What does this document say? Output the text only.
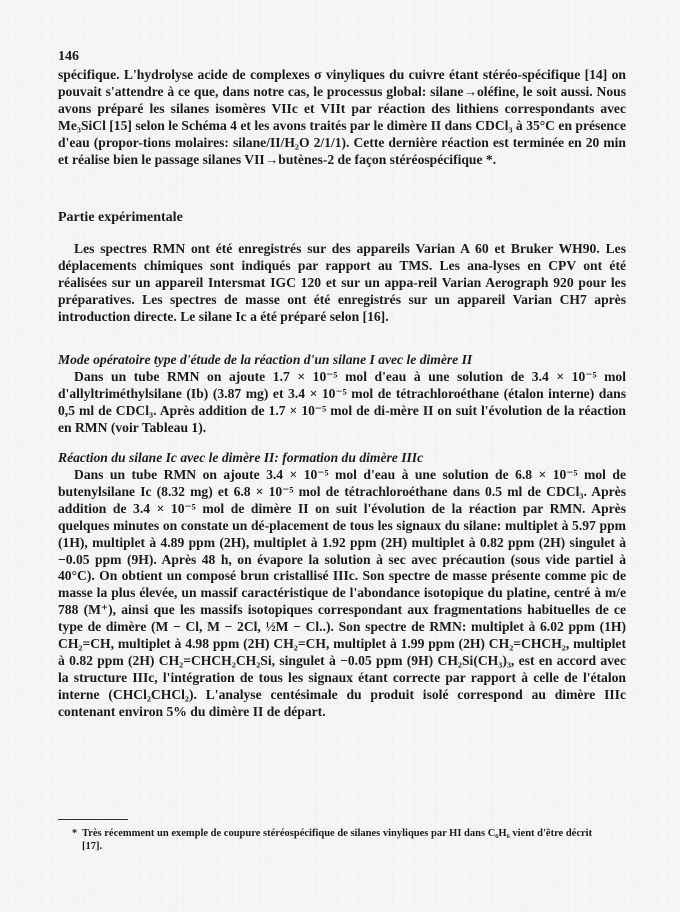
146
spécifique. L'hydrolyse acide de complexes σ vinyliques du cuivre étant stéréo-spécifique [14] on pouvait s'attendre à ce que, dans notre cas, le processus global: silane→oléfine, le soit aussi. Nous avons préparé les silanes isomères VIIc et VIIt par réaction des lithiens correspondants avec Me₃SiCl [15] selon le Schéma 4 et les avons traités par le dimère II dans CDCl₃ à 35°C en présence d'eau (propor-tions molaires: silane/II/H₂O 2/1/1). Cette dernière réaction est terminée en 20 min et réalise bien le passage silanes VII→butènes-2 de façon stéréospécifique *.
Partie expérimentale
Les spectres RMN ont été enregistrés sur des appareils Varian A 60 et Bruker WH90. Les déplacements chimiques sont indiqués par rapport au TMS. Les ana-lyses en CPV ont été réalisées sur un appareil Intersmat IGC 120 et sur un appa-reil Varian Aerograph 920 pour les préparatives. Les spectres de masse ont été enregistrés sur un appareil Varian CH7 après introduction directe. Le silane Ic a été préparé selon [16].
Mode opératoire type d'étude de la réaction d'un silane I avec le dimère II
Dans un tube RMN on ajoute 1.7 × 10⁻⁵ mol d'eau à une solution de 3.4 × 10⁻⁵ mol d'allyltriméthylsilane (Ib) (3.87 mg) et 3.4 × 10⁻⁵ mol de tétrachloroéthane (étalon interne) dans 0,5 ml de CDCl₃. Après addition de 1.7 × 10⁻⁵ mol de di-mère II on suit l'évolution de la réaction en RMN (voir Tableau 1).
Réaction du silane Ic avec le dimère II: formation du dimère IIIc
Dans un tube RMN on ajoute 3.4 × 10⁻⁵ mol d'eau à une solution de 6.8 × 10⁻⁵ mol de butenylsilane Ic (8.32 mg) et 6.8 × 10⁻⁵ mol de tétrachloroéthane dans 0.5 ml de CDCl₃. Après addition de 3.4 × 10⁻⁵ mol de dimère II on suit l'évolution de la réaction par RMN. Après quelques minutes on constate un dé-placement de tous les signaux du silane: multiplet à 5.97 ppm (1H), multiplet à 4.89 ppm (2H), multiplet à 1.92 ppm (2H) multiplet à 0.82 ppm (2H) singulet à −0.05 ppm (9H). Après 48 h, on évapore la solution à sec avec précaution (sous vide partiel à 40°C). On obtient un composé brun cristallisé IIIc. Son spectre de masse présente comme pic de masse la plus élevée, un massif caractéristique de l'abondance isotopique du platine, centré à m/e 788 (M⁺), ainsi que les massifs isotopiques correspondant aux fragmentations habituelles de ce type de dimère (M − Cl, M − 2Cl, ½M − Cl..). Son spectre de RMN: multiplet à 6.02 ppm (1H) CH₂=CH, multiplet à 4.98 ppm (2H) CH₂=CH, multiplet à 1.99 ppm (2H) CH₂=CHCH₂, multiplet à 0.82 ppm (2H) CH₂=CHCH₂CH₂Si, singulet à −0.05 ppm (9H) CH₂Si(CH₃)₃, est en accord avec la structure IIIc, l'intégration de tous les signaux étant correcte par rapport à celle de l'étalon interne (CHCl₂CHCl₂). L'analyse centésimale du produit isolé correspond au dimère IIIc contenant environ 5% du dimère II de départ.
* Très récemment un exemple de coupure stéréospécifique de silanes vinyliques par HI dans C₆H₆ vient d'être décrit [17].
